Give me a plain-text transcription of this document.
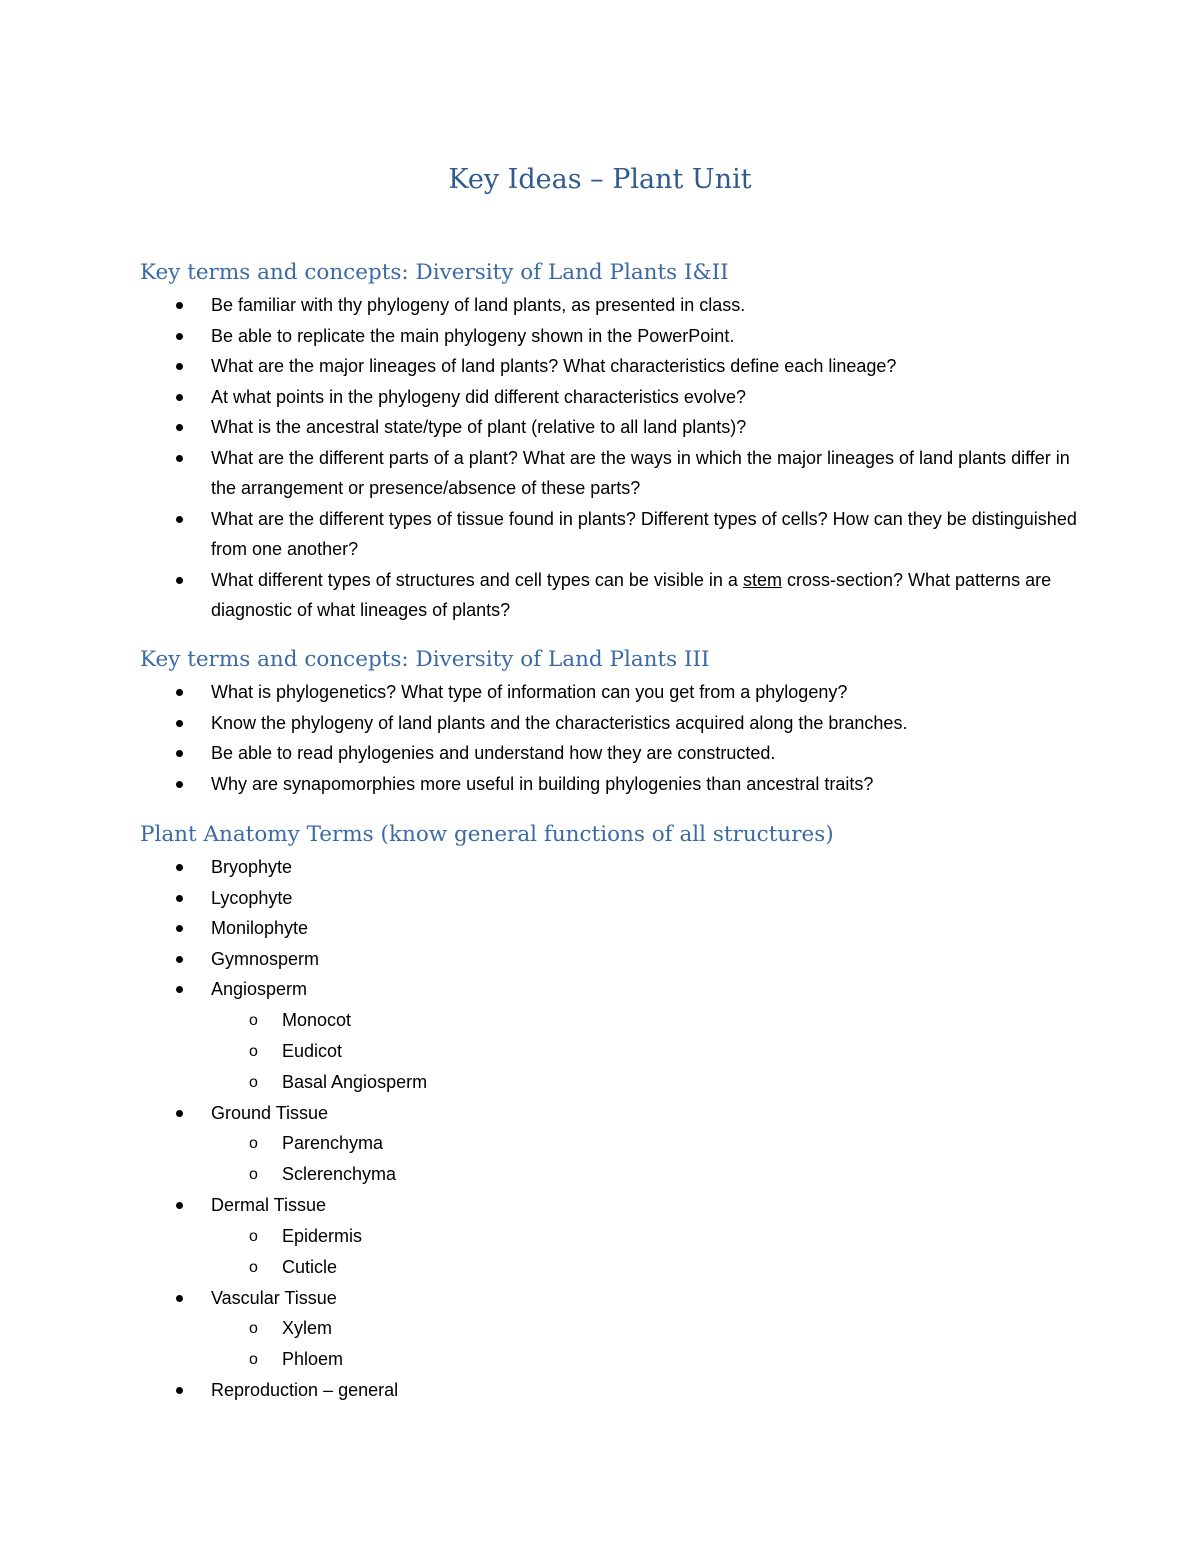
Key Ideas – Plant Unit
Key terms and concepts: Diversity of Land Plants I&II
Be familiar with thy phylogeny of land plants, as presented in class.
Be able to replicate the main phylogeny shown in the PowerPoint.
What are the major lineages of land plants? What characteristics define each lineage?
At what points in the phylogeny did different characteristics evolve?
What is the ancestral state/type of plant (relative to all land plants)?
What are the different parts of a plant? What are the ways in which the major lineages of land plants differ in the arrangement or presence/absence of these parts?
What are the different types of tissue found in plants? Different types of cells? How can they be distinguished from one another?
What different types of structures and cell types can be visible in a stem cross-section? What patterns are diagnostic of what lineages of plants?
Key terms and concepts: Diversity of Land Plants III
What is phylogenetics? What type of information can you get from a phylogeny?
Know the phylogeny of land plants and the characteristics acquired along the branches.
Be able to read phylogenies and understand how they are constructed.
Why are synapomorphies more useful in building phylogenies than ancestral traits?
Plant Anatomy Terms (know general functions of all structures)
Bryophyte
Lycophyte
Monilophyte
Gymnosperm
Angiosperm
o Monocot
o Eudicot
o Basal Angiosperm
Ground Tissue
o Parenchyma
o Sclerenchyma
Dermal Tissue
o Epidermis
o Cuticle
Vascular Tissue
o Xylem
o Phloem
Reproduction – general
